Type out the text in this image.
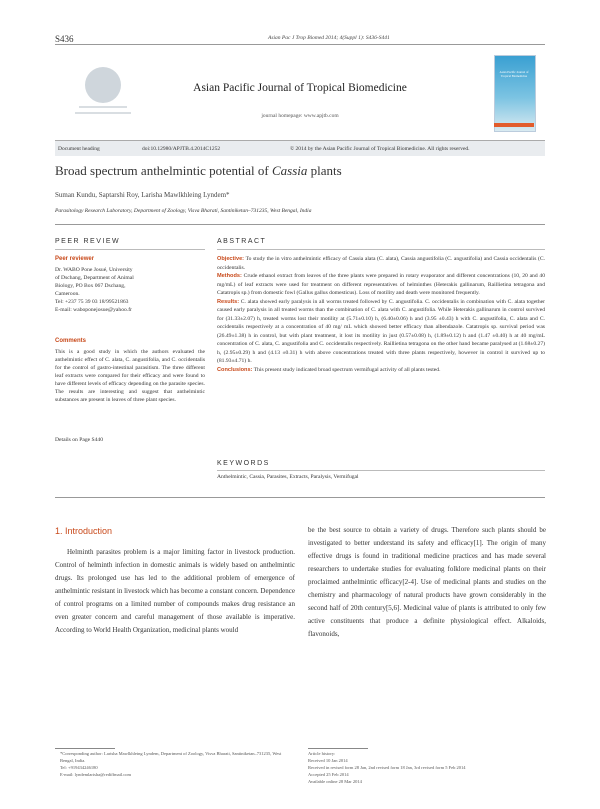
S436	Asian Pac J Trop Biomed 2014; 4(Suppl 1): S436-S441
Asian Pacific Journal of Tropical Biomedicine
journal homepage: www.apjtb.com
Asian Pacific Journal of Tropical Biomedicine
Document heading	doi:10.12980/APJTB.4.2014C1252	© 2014 by the Asian Pacific Journal of Tropical Biomedicine. All rights reserved.
Broad spectrum anthelmintic potential of Cassia plants
Suman Kundu, Saptarshi Roy, Larisha Mawlkhleing Lyndem*
Parasitology Research Laboratory, Department of Zoology, Visva Bharati, Santiniketan–731235, West Bengal, India
PEER REVIEW
Peer reviewer
Dr. WABO Pone Josué, University
of Dschang, Department of Animal
Biology, PO Box 067 Dschang,
Cameroon.
Tel: +237 75 39 03 18/99521863
E-mail: waboponejosue@yahoo.fr
Comments
This is a good study in which the authors evaluated the anthelmintic effect of C. alata, C. angustifolia, and C. occidentalis for the control of gastro-intestinal parasitism. The three different leaf extracts were compared for their efficacy and were found to have different levels of efficacy depending on the parasite species. The results are interesting and suggest that anthelmintic substances are present in leaves of three plant species.
Details on Page S440
ABSTRACT
Objective: To study the in vitro anthelmintic efficacy of Cassia alata (C. alata), Cassia angustifolia (C. angustifolia) and Cassia occidentalis (C. occidentalis.
Methods: Crude ethanol extract from leaves of the three plants were prepared in rotary evaporator and different concentrations (10, 20 and 40 mg/mL) of leaf extracts were used for treatment on different representatives of helminthes (Heterakis gallinarum, Raillietina tetragona and Catatropis sp.) from domestic fowl (Gallus gallus domesticus). Loss of motility and death were monitored frequently.
Results: C. alata showed early paralysis in all worms treated followed by C. angustifolia. C. occidentalis in combination with C. alata together caused early paralysis in all treated worms than the combination of C. alata with C. angustifolia. While Heterakis gallinarum in control survived for (31.33±2.07) h, treated worms lost their motility at (5.71±0.10) h, (6.40±0.06) h and (3.95 ±0.43) h with C. angustifolia, C. alata and C. occidentalis respectively at a concentration of 40 mg/ mL which showed better efficacy than albendazole. Catatropis sp. survival period was (26.49±1.38) h in control, but with plant treatment, it lost its motility in just (0.57±0.08) h, (1.89±0.12) h and (1.47 ±0.40) h at 40 mg/mL concentration of C. alata, C. angustifolia and C. occidentalis respectively. Raillietina tetragona on the other hand became paralysed at (1.68±0.27) h, (2.95±0.29) h and (4.13 ±0.31) h with above concentrations treated with three plants respectively, however in control it survived up to (81.93±4.71) h.
Conclusions: This present study indicated broad spectrum vermifugal activity of all plants tested.
KEYWORDS
Anthelmintic, Cassia, Parasites, Extracts, Paralysis, Vermifugal
1. Introduction
Helminth parasites problem is a major limiting factor in livestock production. Control of helminth infection in domestic animals is widely based on anthelmintic drugs. Its prolonged use has led to the additional problem of emergence of anthelmintic resistant in livestock which has become a constant concern. Dependence of control programs on a limited number of compounds makes drug resistance an even greater concern and careful management of those available is imperative. According to World Health Organization, medicinal plants would
be the best source to obtain a variety of drugs. Therefore such plants should be investigated to better understand its safety and efficacy[1]. The origin of many effective drugs is found in traditional medicine practices and has made several researchers to undertake studies for evaluating folklore medicinal plants on their proclaimed anthelmintic efficacy[2-4]. Use of medicinal plants and studies on the chemistry and pharmacology of natural products have grown considerably in the second half of 20th century[5,6]. Medicinal value of plants is attributed to only few active constituents that produce a definite physiological effect. Alkaloids, flavonoids,
*Corresponding author: Larisha Mawlkhleing Lyndem, Department of Zoology, Visva Bharati, Santiniketan–731235, West Bengal, India.
Tel: +919434246180
E-mail: lyndemlarisha@rediffmail.com
Article history:
Received 10 Jan 2014
Received in revised form 28 Jan, 2nd revised form 18 Jan, 3rd revised form 5 Feb 2014
Accepted 25 Feb 2014
Available online 28 Mar 2014
